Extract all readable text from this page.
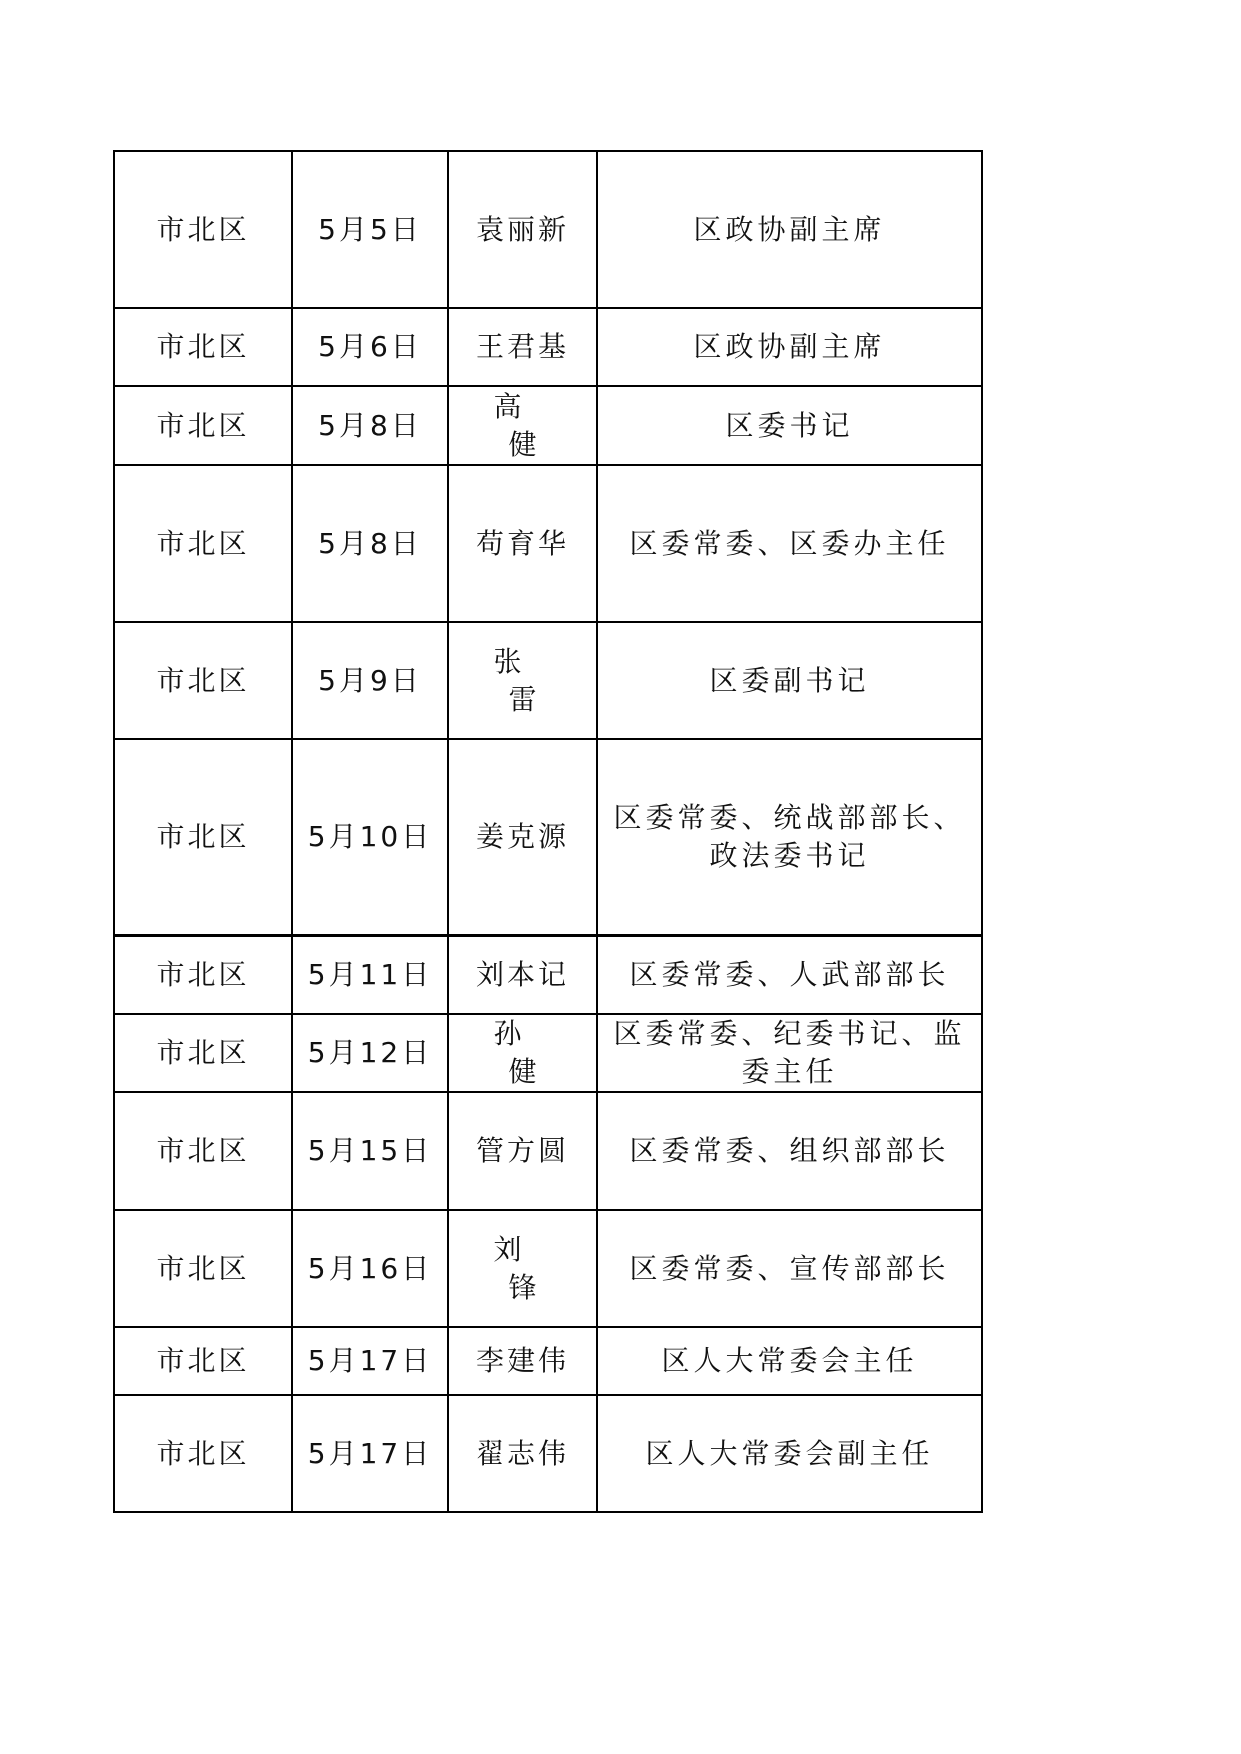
市北区	5月5日	袁丽新	区政协副主席
市北区	5月6日	王君基	区政协副主席
市北区	5月8日	高 健	区委书记
市北区	5月8日	苟育华	区委常委、区委办主任
市北区	5月9日	张 雷	区委副书记
市北区	5月10日	姜克源	区委常委、统战部部长、政法委书记
市北区	5月11日	刘本记	区委常委、人武部部长
市北区	5月12日	孙 健	区委常委、纪委书记、监委主任
市北区	5月15日	管方圆	区委常委、组织部部长
市北区	5月16日	刘 锋	区委常委、宣传部部长
市北区	5月17日	李建伟	区人大常委会主任
市北区	5月17日	翟志伟	区人大常委会副主任
